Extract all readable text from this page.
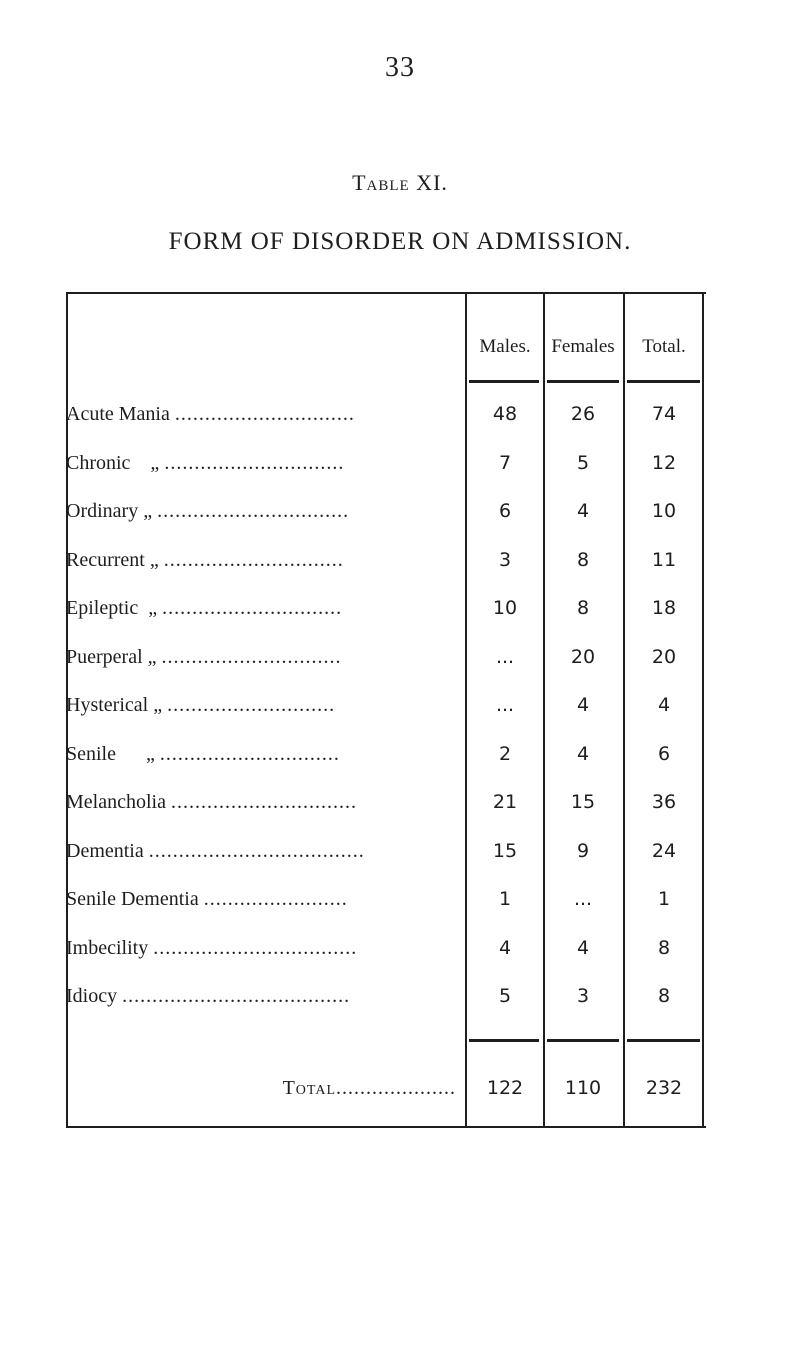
33
Table XI.
FORM OF DISORDER ON ADMISSION.
Males.	Females	Total.
Acute Mania ..............................	48	26	74
Chronic    „ ..............................	7	5	12
Ordinary „ ................................	6	4	10
Recurrent „ ..............................	3	8	11
Epileptic  „ ..............................	10	8	18
Puerperal „ ..............................	...	20	20
Hysterical „ ............................	...	4	4
Senile      „ ..............................	2	4	6
Melancholia ...............................	21	15	36
Dementia ....................................	15	9	24
Senile Dementia ........................	1	...	1
Imbecility ..................................	4	4	8
Idiocy ......................................	5	3	8
Total....................	122	110	232
